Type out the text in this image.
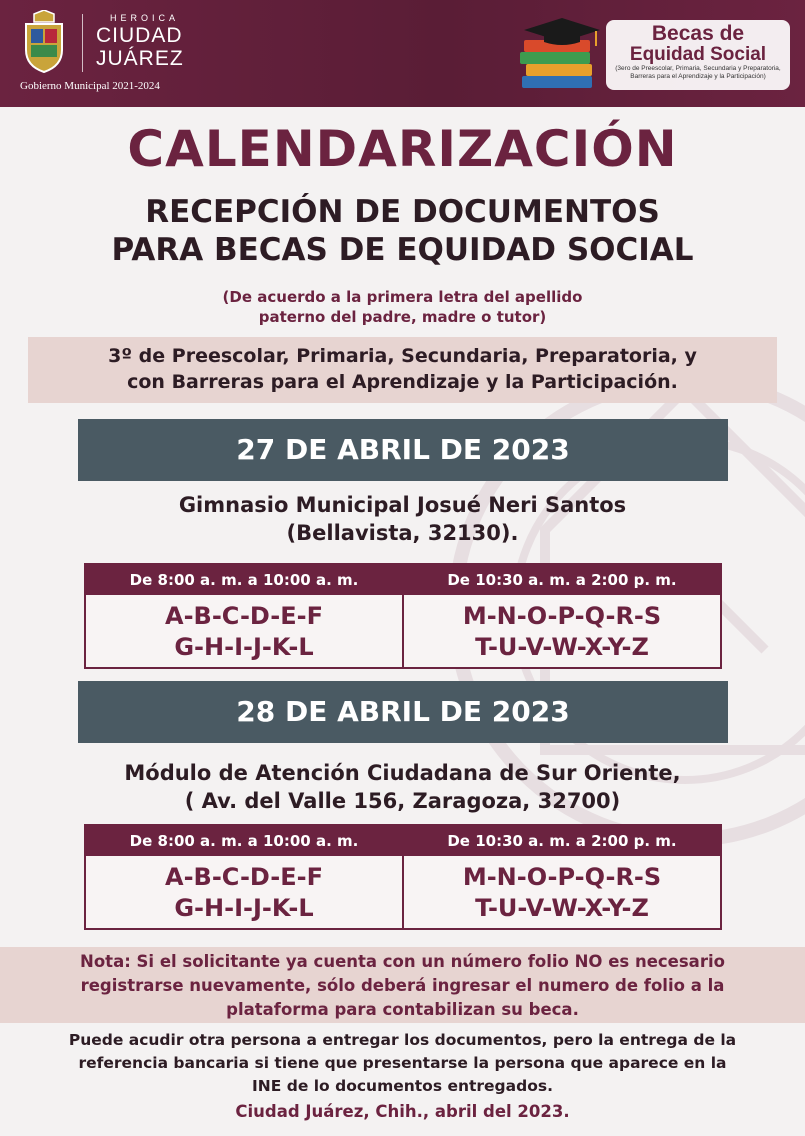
HEROICA
CIUDAD
JUÁREZ
Gobierno Municipal 2021-2024
Becas de
Equidad Social
(3ero de Preescolar, Primaria, Secundaria y Preparatoria,
Barreras para el Aprendizaje y la Participación)
CALENDARIZACIÓN
RECEPCIÓN DE DOCUMENTOS
PARA BECAS DE EQUIDAD SOCIAL
(De acuerdo a la primera letra del apellido
paterno del padre, madre o tutor)
3º de Preescolar, Primaria, Secundaria, Preparatoria, y
con Barreras para el Aprendizaje y la Participación.
27 DE ABRIL DE 2023
Gimnasio Municipal Josué Neri Santos
(Bellavista, 32130).
De 8:00 a. m. a 10:00 a. m.
A-B-C-D-E-F
G-H-I-J-K-L
De 10:30 a. m. a 2:00 p. m.
M-N-O-P-Q-R-S
T-U-V-W-X-Y-Z
28 DE ABRIL DE 2023
Módulo de Atención Ciudadana de Sur Oriente,
( Av. del Valle 156, Zaragoza, 32700)
De 8:00 a. m. a 10:00 a. m.
A-B-C-D-E-F
G-H-I-J-K-L
De 10:30 a. m. a 2:00 p. m.
M-N-O-P-Q-R-S
T-U-V-W-X-Y-Z
Nota: Si el solicitante ya cuenta con un número folio NO es necesario
registrarse nuevamente, sólo deberá ingresar el numero de folio a la
plataforma para contabilizan su beca.
Puede acudir otra persona a entregar los documentos, pero la entrega de la
referencia bancaria si tiene que presentarse la persona que aparece en la
INE de lo documentos entregados.
Ciudad Juárez, Chih., abril del 2023.
